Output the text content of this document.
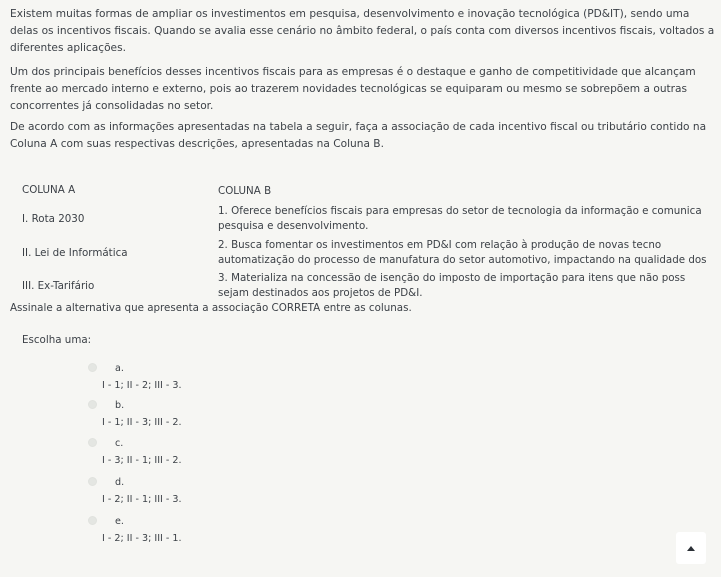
Existem muitas formas de ampliar os investimentos em pesquisa, desenvolvimento e inovação tecnológica (PD&IT), sendo uma
delas os incentivos fiscais. Quando se avalia esse cenário no âmbito federal, o país conta com diversos incentivos fiscais, voltados a
diferentes aplicações.
Um dos principais benefícios desses incentivos fiscais para as empresas é o destaque e ganho de competitividade que alcançam
frente ao mercado interno e externo, pois ao trazerem novidades tecnológicas se equiparam ou mesmo se sobrepõem a outras
concorrentes já consolidadas no setor.
De acordo com as informações apresentadas na tabela a seguir, faça a associação de cada incentivo fiscal ou tributário contido na
Coluna A com suas respectivas descrições, apresentadas na Coluna B.
COLUNA A	COLUNA B
I. Rota 2030
1. Oferece benefícios fiscais para empresas do setor de tecnologia da informação e comunica
pesquisa e desenvolvimento.
II. Lei de Informática
2. Busca fomentar os investimentos em PD&I com relação à produção de novas tecno
automatização do processo de manufatura do setor automotivo, impactando na qualidade dos
III. Ex-Tarifário
3. Materializa na concessão de isenção do imposto de importação para itens que não poss
sejam destinados aos projetos de PD&I.
Assinale a alternativa que apresenta a associação CORRETA entre as colunas.
Escolha uma:
a.
I - 1; II - 2; III - 3.
b.
I - 1; II - 3; III - 2.
c.
I - 3; II - 1; III - 2.
d.
I - 2; II - 1; III - 3.
e.
I - 2; II - 3; III - 1.
